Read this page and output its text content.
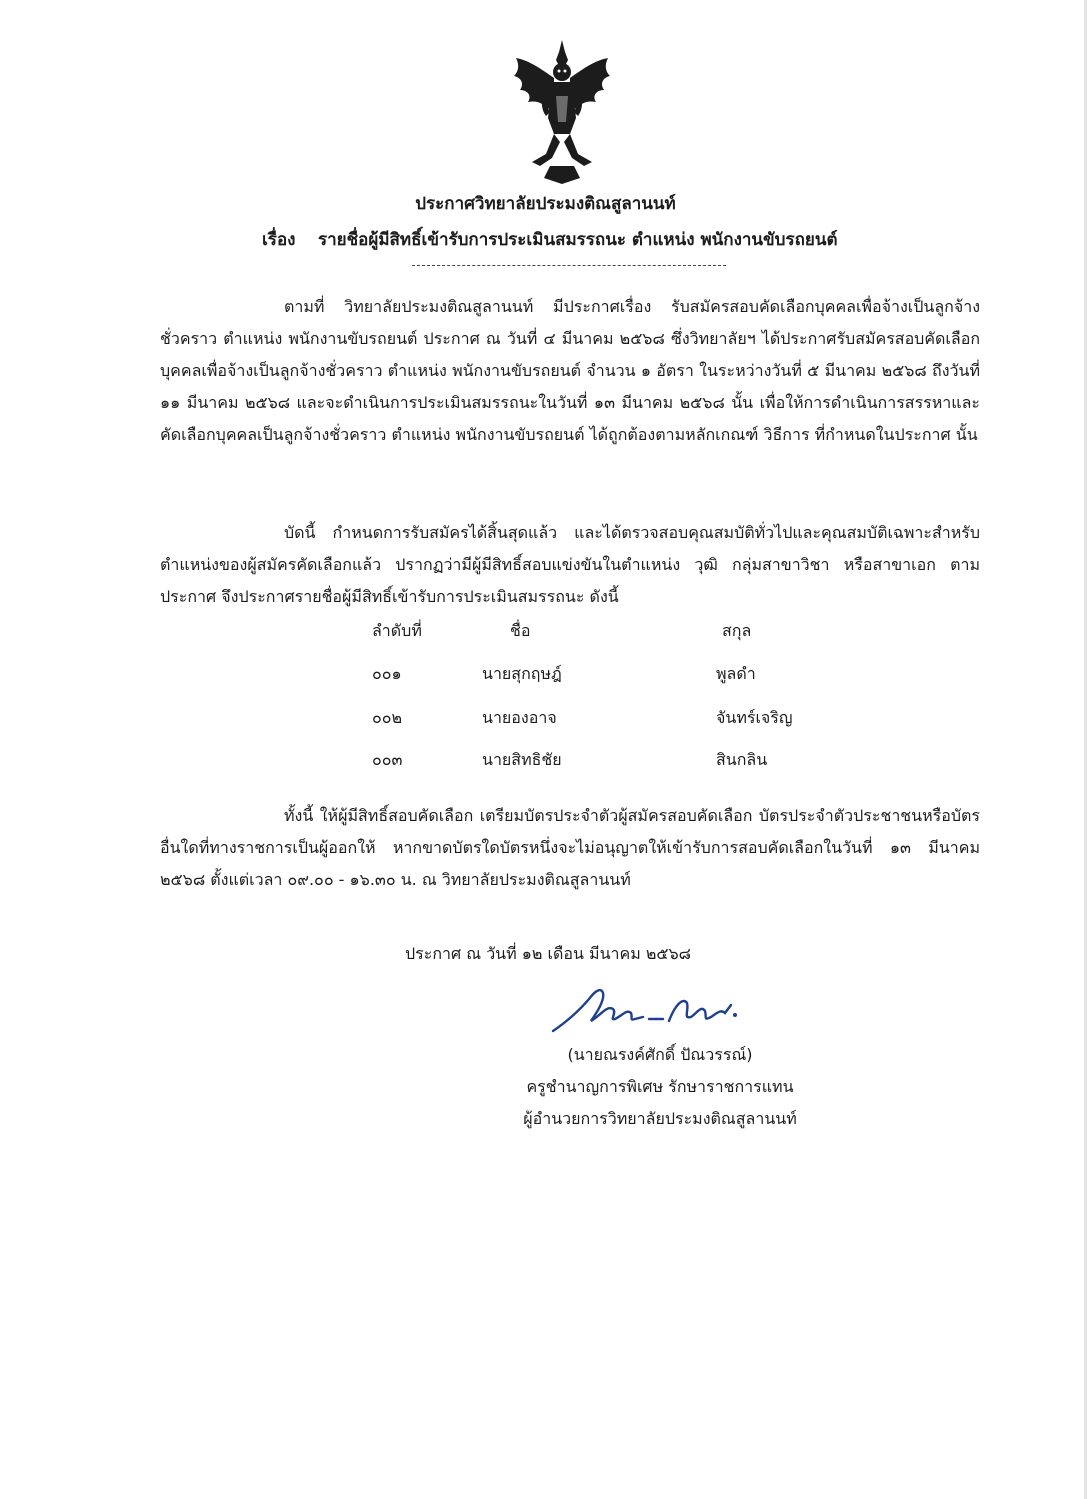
ประกาศวิทยาลัยประมงติณสูลานนท์
เรื่อง รายชื่อผู้มีสิทธิ์เข้ารับการประเมินสมรรถนะ ตำแหน่ง พนักงานขับรถยนต์
ตามที่ วิทยาลัยประมงติณสูลานนท์ มีประกาศเรื่อง รับสมัครสอบคัดเลือกบุคคลเพื่อจ้างเป็นลูกจ้างชั่วคราว ตำแหน่ง พนักงานขับรถยนต์ ประกาศ ณ วันที่ ๔ มีนาคม ๒๕๖๘ ซึ่งวิทยาลัยฯ ได้ประกาศรับสมัครสอบคัดเลือกบุคคลเพื่อจ้างเป็นลูกจ้างชั่วคราว ตำแหน่ง พนักงานขับรถยนต์ จำนวน ๑ อัตรา ในระหว่างวันที่ ๕ มีนาคม ๒๕๖๘ ถึงวันที่ ๑๑ มีนาคม ๒๕๖๘ และจะดำเนินการประเมินสมรรถนะในวันที่ ๑๓ มีนาคม ๒๕๖๘ นั้น เพื่อให้การดำเนินการสรรหาและคัดเลือกบุคคลเป็นลูกจ้างชั่วคราว ตำแหน่ง พนักงานขับรถยนต์ ได้ถูกต้องตามหลักเกณฑ์ วิธีการ ที่กำหนดในประกาศ นั้น
บัดนี้ กำหนดการรับสมัครได้สิ้นสุดแล้ว และได้ตรวจสอบคุณสมบัติทั่วไปและคุณสมบัติเฉพาะสำหรับตำแหน่งของผู้สมัครคัดเลือกแล้ว ปรากฏว่ามีผู้มีสิทธิ์สอบแข่งขันในตำแหน่ง วุฒิ กลุ่มสาขาวิชา หรือสาขาเอก ตามประกาศ จึงประกาศรายชื่อผู้มีสิทธิ์เข้ารับการประเมินสมรรถนะ ดังนี้
ลำดับที่	ชื่อ	สกุล
๐๐๑	นายสุกฤษฎ์	พูลดำ
๐๐๒	นายองอาจ	จันทร์เจริญ
๐๐๓	นายสิทธิชัย	สินกลิน
ทั้งนี้ ให้ผู้มีสิทธิ์สอบคัดเลือก เตรียมบัตรประจำตัวผู้สมัครสอบคัดเลือก บัตรประจำตัวประชาชนหรือบัตรอื่นใดที่ทางราชการเป็นผู้ออกให้ หากขาดบัตรใดบัตรหนึ่งจะไม่อนุญาตให้เข้ารับการสอบคัดเลือกในวันที่ ๑๓ มีนาคม ๒๕๖๘ ตั้งแต่เวลา ๐๙.๐๐ - ๑๖.๓๐ น. ณ วิทยาลัยประมงติณสูลานนท์
ประกาศ ณ วันที่ ๑๒ เดือน มีนาคม ๒๕๖๘
(นายณรงค์ศักดิ์ ปัณวรรณ์)
ครูชำนาญการพิเศษ รักษาราชการแทน
ผู้อำนวยการวิทยาลัยประมงติณสูลานนท์
